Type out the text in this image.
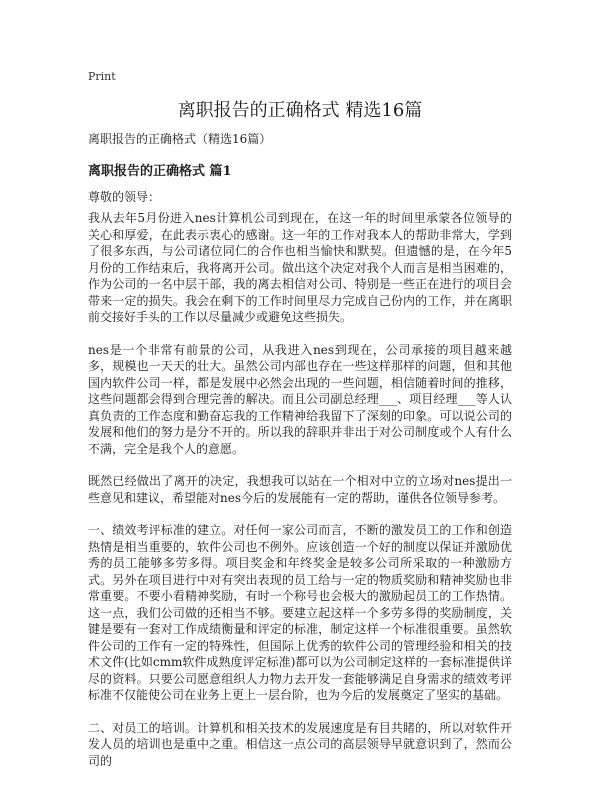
Print
离职报告的正确格式 精选16篇
离职报告的正确格式（精选16篇）
离职报告的正确格式 篇1
尊敬的领导：

我从去年5月份进入nes计算机公司到现在，在这一年的时间里承蒙各位领导的关心和厚爱，在此表示衷心的感谢。这一年的工作对我本人的帮助非常大，学到了很多东西，与公司诸位同仁的合作也相当愉快和默契。但遗憾的是，在今年5月份的工作结束后，我将离开公司。做出这个决定对我个人而言是相当困难的，作为公司的一名中层干部，我的离去相信对公司、特别是一些正在进行的项目会带来一定的损失。我会在剩下的工作时间里尽力完成自己份内的工作，并在离职前交接好手头的工作以尽量减少或避免这些损失。

nes是一个非常有前景的公司，从我进入nes到现在，公司承接的项目越来越多，规模也一天天的壮大。虽然公司内部也存在一些这样那样的问题，但和其他国内软件公司一样，都是发展中必然会出现的一些问题，相信随着时间的推移，这些问题都会得到合理完善的解决。而且公司副总经理___、项目经理___等人认真负责的工作态度和勤奋忘我的工作精神给我留下了深刻的印象。可以说公司的发展和他们的努力是分不开的。所以我的辞职并非出于对公司制度或个人有什么不满，完全是我个人的意愿。

既然已经做出了离开的决定，我想我可以站在一个相对中立的立场对nes提出一些意见和建议，希望能对nes今后的发展能有一定的帮助，谨供各位领导参考。

一、绩效考评标准的建立。对任何一家公司而言，不断的激发员工的工作和创造热情是相当重要的，软件公司也不例外。应该创造一个好的制度以保证并激励优秀的员工能够多劳多得。项目奖金和年终奖金是较多公司所采取的一种激励方式。另外在项目进行中对有突出表现的员工给与一定的物质奖励和精神奖励也非常重要。不要小看精神奖励，有时一个称号也会极大的激励起员工的工作热情。这一点，我们公司做的还相当不够。要建立起这样一个多劳多得的奖励制度，关键是要有一套对工作成绩衡量和评定的标准，制定这样一个标准很重要。虽然软件公司的工作有一定的特殊性，但国际上优秀的软件公司的管理经验和相关的技术文件(比如cmm软件成熟度评定标准)都可以为公司制定这样的一套标准提供详尽的资料。只要公司愿意组织人力物力去开发一套能够满足自身需求的绩效考评标准不仅能使公司在业务上更上一层台阶，也为今后的发展奠定了坚实的基础。

二、对员工的培训。计算机和相关技术的发展速度是有目共睹的，所以对软件开发人员的培训也是重中之重。相信这一点公司的高层领导早就意识到了，然而公司的
